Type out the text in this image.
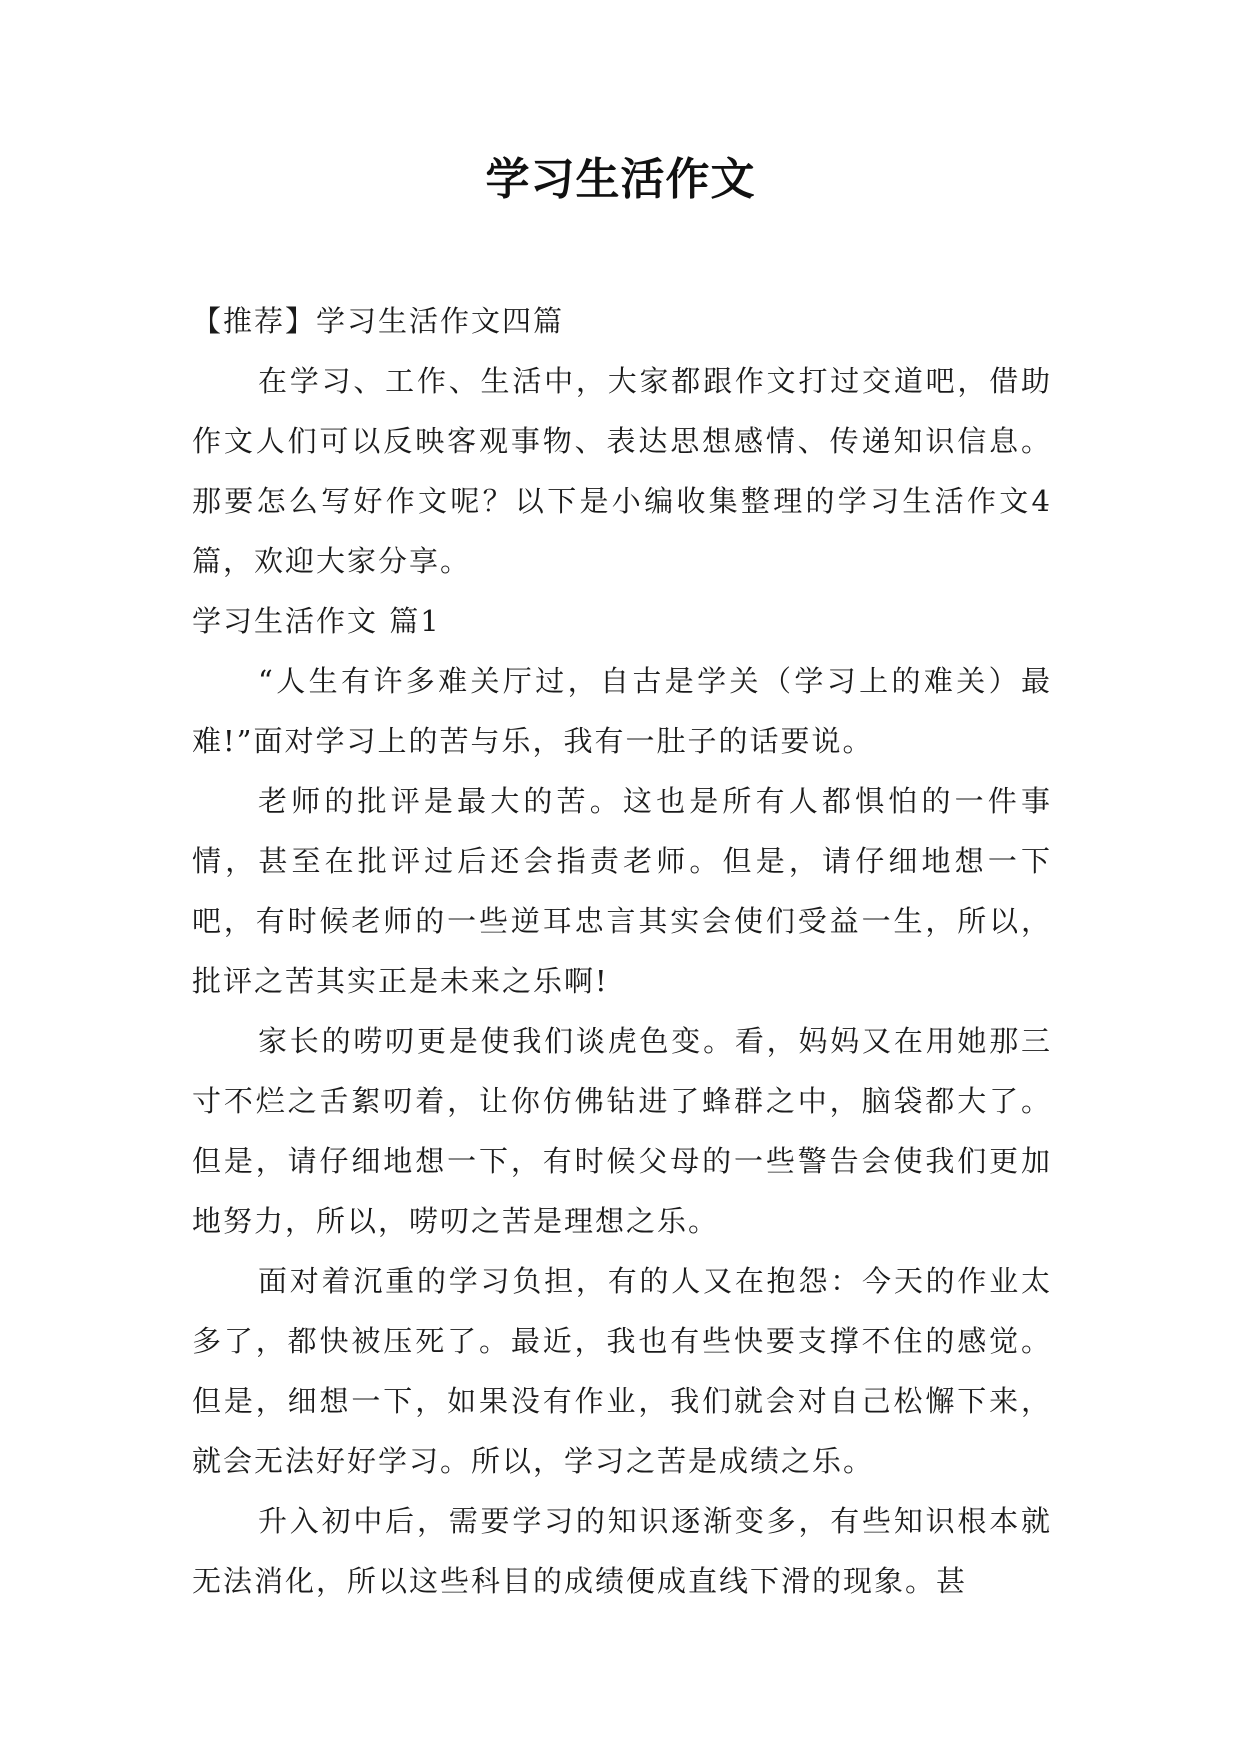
学习生活作文
【推荐】学习生活作文四篇

在学习、工作、生活中，大家都跟作文打过交道吧，借助作文人们可以反映客观事物、表达思想感情、传递知识信息。那要怎么写好作文呢？以下是小编收集整理的学习生活作文4篇，欢迎大家分享。

学习生活作文 篇1

“人生有许多难关厅过，自古是学关（学习上的难关）最难!”面对学习上的苦与乐，我有一肚子的话要说。

老师的批评是最大的苦。这也是所有人都惧怕的一件事情，甚至在批评过后还会指责老师。但是，请仔细地想一下吧，有时候老师的一些逆耳忠言其实会使们受益一生，所以，批评之苦其实正是未来之乐啊!

家长的唠叨更是使我们谈虎色变。看，妈妈又在用她那三寸不烂之舌絮叨着，让你仿佛钻进了蜂群之中，脑袋都大了。但是，请仔细地想一下，有时候父母的一些警告会使我们更加地努力，所以，唠叨之苦是理想之乐。

面对着沉重的学习负担，有的人又在抱怨：今天的作业太多了，都快被压死了。最近，我也有些快要支撑不住的感觉。但是，细想一下，如果没有作业，我们就会对自己松懈下来，就会无法好好学习。所以，学习之苦是成绩之乐。

升入初中后，需要学习的知识逐渐变多，有些知识根本就无法消化，所以这些科目的成绩便成直线下滑的现象。甚
